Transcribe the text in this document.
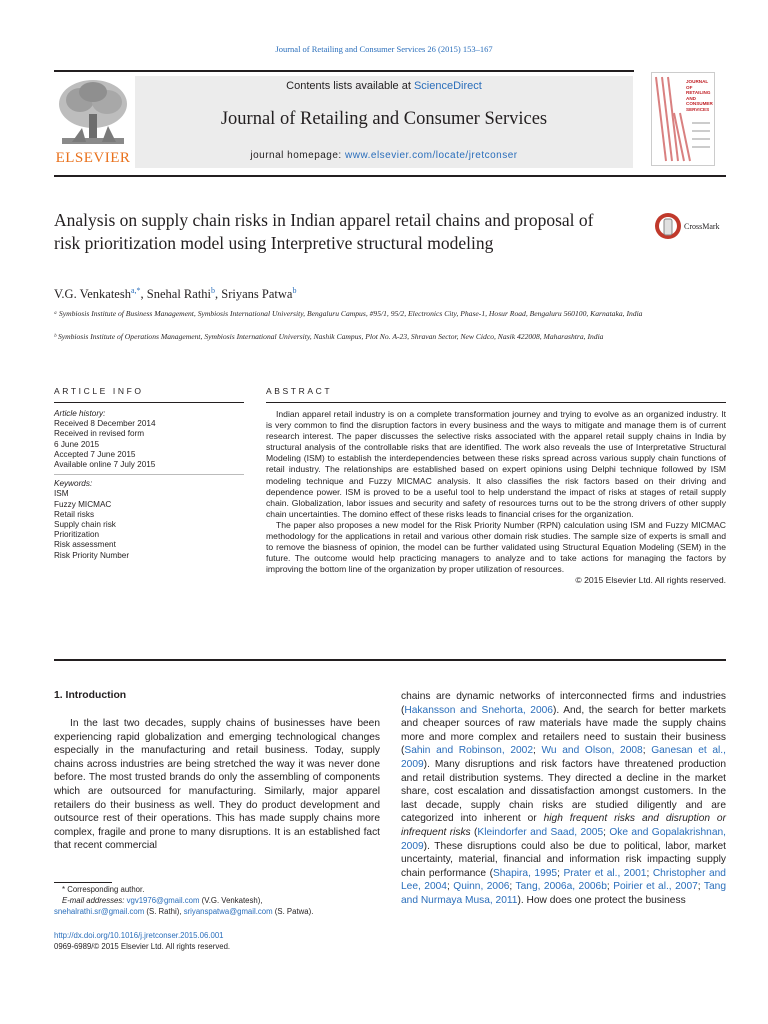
Journal of Retailing and Consumer Services 26 (2015) 153–167
ELSEVIER
Contents lists available at ScienceDirect
Journal of Retailing and Consumer Services
journal homepage: www.elsevier.com/locate/jretconser
JOURNAL OF RETAILING AND CONSUMER SERVICES
Analysis on supply chain risks in Indian apparel retail chains and proposal of risk prioritization model using Interpretive structural modeling
CrossMark
V.G. Venkatesh$^{a,*}$, Snehal Rathi$^b$, Sriyans Patwa$^b$
ᵃ Symbiosis Institute of Business Management, Symbiosis International University, Bengaluru Campus, #95/1, 95/2, Electronics City, Phase-1, Hosur Road, Bengaluru 560100, Karnataka, India
ᵇ Symbiosis Institute of Operations Management, Symbiosis International University, Nashik Campus, Plot No. A-23, Shravan Sector, New Cidco, Nasik 422008, Maharashtra, India
ARTICLE INFO	ABSTRACT
Article history:
Received 8 December 2014
Received in revised form
6 June 2015
Accepted 7 June 2015
Available online 7 July 2015
Keywords:
ISM
Fuzzy MICMAC
Retail risks
Supply chain risk
Prioritization
Risk assessment
Risk Priority Number

Indian apparel retail industry is on a complete transformation journey and trying to evolve as an organized industry. It is very common to find the disruption factors in every business and the ways to mitigate and manage them is of current research interest. The paper discusses the selective risks associated with the apparel retail supply chains in India by structural analysis of the controllable risks that are identified. The work also reveals the use of Interpretative Structural Modeling (ISM) to establish the interdependencies between these risks spread across various supply chain functions of retail industry. The relationships are established based on expert opinions using Delphi technique followed by ISM modeling technique and Fuzzy MICMAC analysis. It also classifies the risk factors based on their driving and dependence power. ISM is proved to be a useful tool to help understand the impact of risks at stages of retail supply chain. Globalization, labor issues and security and safety of resources turns out to be the strong drivers of other supply chain uncertainties. The domino effect of these risks leads to financial crises for the organization.

The paper also proposes a new model for the Risk Priority Number (RPN) calculation using ISM and Fuzzy MICMAC methodology for the applications in retail and various other domain risk studies. The sample size of experts is small and to remove the biasness of opinion, the model can be further validated using Structural Equation Modeling (SEM) in the future. The outcome would help practicing managers to analyze and to take actions for managing the factors by improving the bottom line of the organization by proper utilization of resources.

© 2015 Elsevier Ltd. All rights reserved.
1. Introduction

In the last two decades, supply chains of businesses have been experiencing rapid globalization and emerging technological changes especially in the manufacturing and retail business. Today, supply chains across industries are being stretched the way it was never done before. The most trusted brands do only the assembling of components which are outsourced for manufacturing. Similarly, major apparel retailers do their business as well. They do product development and outsource rest of their operations. This has made supply chains more complex, fragile and prone to many disruptions. It is an established fact that recent commercial

chains are dynamic networks of interconnected firms and industries (Hakansson and Snehorta, 2006). And, the search for better markets and cheaper sources of raw materials have made the supply chains more and more complex and retailers need to sustain their business (Sahin and Robinson, 2002; Wu and Olson, 2008; Ganesan et al., 2009). Many disruptions and risk factors have threatened production and retail distribution systems. They directed a decline in the market share, cost escalation and dissatisfaction amongst customers. In the last decade, supply chain risks are studied diligently and are categorized into inherent or high frequent risks and disruption or infrequent risks (Kleindorfer and Saad, 2005; Oke and Gopalakrishnan, 2009). These disruptions could also be due to political, labor, market uncertainty, material, financial and information risk impacting supply chain performance (Shapira, 1995; Prater et al., 2001; Christopher and Lee, 2004; Quinn, 2006; Tang, 2006a, 2006b; Poirier et al., 2007; Tang and Nurmaya Musa, 2011). How does one protect the business

* Corresponding author.
E-mail addresses: vgv1976@gmail.com (V.G. Venkatesh),
snehalrathi.sr@gmail.com (S. Rathi), sriyanspatwa@gmail.com (S. Patwa).
http://dx.doi.org/10.1016/j.jretconser.2015.06.001
0969-6989/© 2015 Elsevier Ltd. All rights reserved.
